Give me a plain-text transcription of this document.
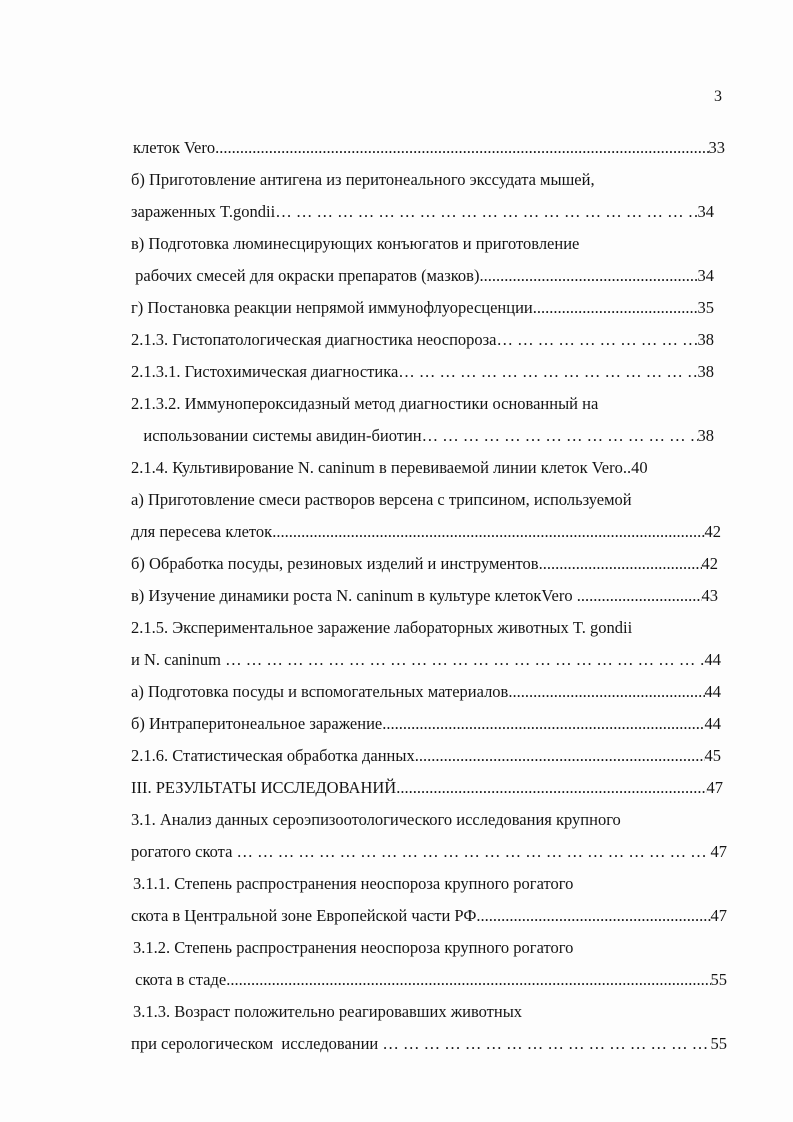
3
клеток Vero .....	33
б) Приготовление антигена из перитонеального экссудата мышей,
зараженных T.gondii … … … … … … … … … … … … … … … … … … … … … … … … … … … … … … … … … … … … … … … … … … … …	34
в) Подготовка люминесцирующих конъюгатов и приготовление
рабочих смесей для окраски препаратов (мазков) .....	34
г) Постановка реакции непрямой иммунофлуоресценции .....	35
2.1.3. Гистопатологическая диагностика неоспороза … … … … … … … … … … … … … … … … … … … … … … … … … … … … … … … … … … … … … … … … … … … …	38
2.1.3.1. Гистохимическая диагностика … … … … … … … … … … … … … … … … … … … … … … … … … … … … … … … … … … … … … … … … … … … …	38
2.1.3.2. Иммунопероксидазный метод диагностики основанный на
использовании системы авидин-биотин … … … … … … … … … … … … … … … … … … … … … … … … … … … … … … … … … … … … … … … … … … … …	38
2.1.4. Культивирование N. caninum в перевиваемой линии клеток Vero.. 40
а) Приготовление смеси растворов версена с трипсином, используемой
для пересева клеток .....	42
б) Обработка посуды, резиновых изделий и инструментов .....	42
в) Изучение динамики роста N. caninum в культуре клетокVero .....	43
2.1.5. Экспериментальное заражение лабораторных животных T. gondii
и N. caninum … … … … … … … … … … … … … … … … … … … … … … … … … … … … … … … … … … … … … … … … … … … …	44
а) Подготовка посуды и вспомогательных материалов .....	44
б) Интраперитонеальное заражение .....	44
2.1.6. Статистическая обработка данных .....	45
III. РЕЗУЛЬТАТЫ ИССЛЕДОВАНИЙ .....	47
3.1. Анализ данных сероэпизоотологического исследования крупного
рогатого скота … … … … … … … … … … … … … … … … … … … … … … … … … … … … … … … … … … … … … … … … … … … …	47
3.1.1. Степень распространения неоспороза крупного рогатого
скота в Центральной зоне Европейской части РФ .....	47
3.1.2. Степень распространения неоспороза крупного рогатого
скота в стаде .....	55
3.1.3. Возраст положительно реагировавших животных
при серологическом  исследовании … … … … … … … … … … … … … … … … … … … … … … … … … … … … … … … … … … … … … … … … … … … …	55
